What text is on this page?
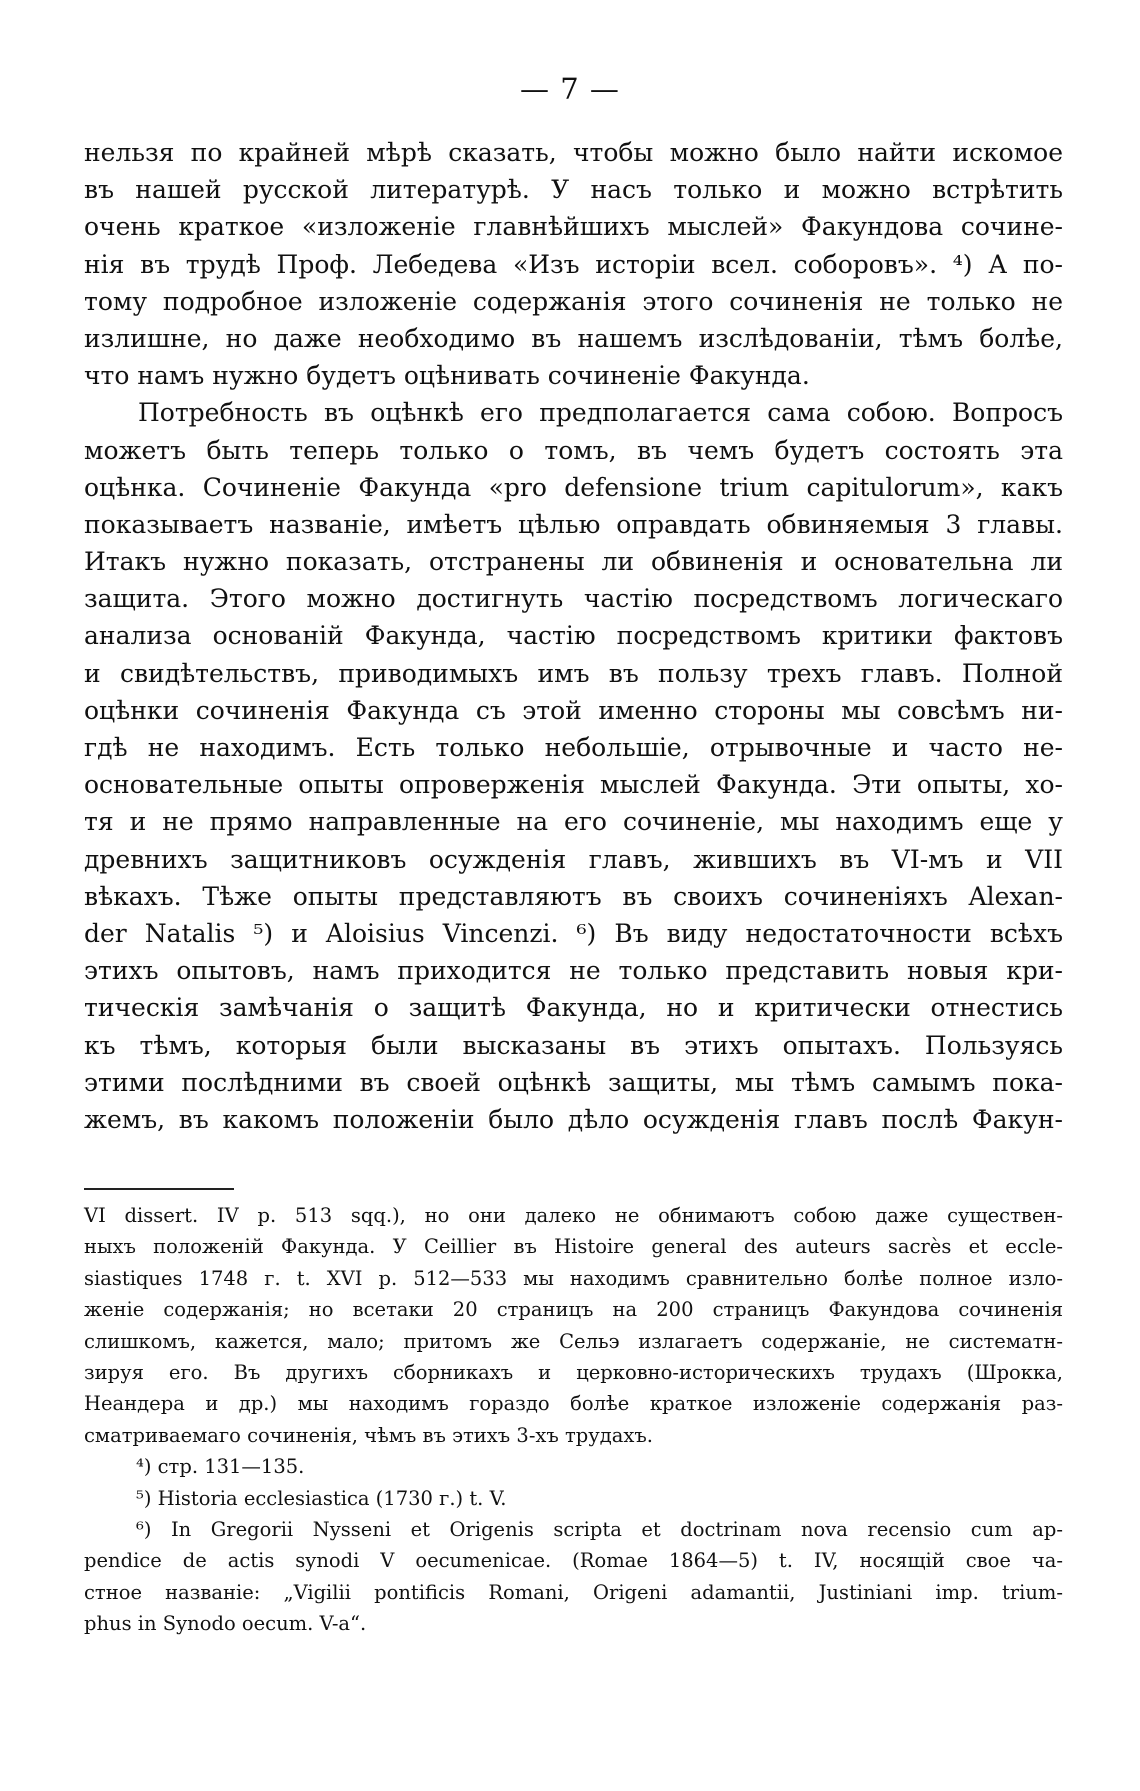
— 7 —
нельзя по крайней мѣрѣ сказать, чтобы можно было найти искомое
въ нашей русской литературѣ. У насъ только и можно встрѣтить
очень краткое «изложеніе главнѣйшихъ мыслей» Факундова сочине-
нія въ трудѣ Проф. Лебедева «Изъ исторіи всел. соборовъ». ⁴) А по-
тому подробное изложеніе содержанія этого сочиненія не только не
излишне, но даже необходимо въ нашемъ изслѣдованіи, тѣмъ болѣе,
что намъ нужно будетъ оцѣнивать сочиненіе Факунда.
Потребность въ оцѣнкѣ его предполагается сама собою. Вопросъ
можетъ быть теперь только о томъ, въ чемъ будетъ состоять эта
оцѣнка. Сочиненіе Факунда «pro defensione trium capitulorum», какъ
показываетъ названіе, имѣетъ цѣлью оправдать обвиняемыя 3 главы.
Итакъ нужно показать, отстранены ли обвиненія и основательна ли
защита. Этого можно достигнуть частію посредствомъ логическаго
анализа основаній Факунда, частію посредствомъ критики фактовъ
и свидѣтельствъ, приводимыхъ имъ въ пользу трехъ главъ. Полной
оцѣнки сочиненія Факунда съ этой именно стороны мы совсѣмъ ни-
гдѣ не находимъ. Есть только небольшіе, отрывочные и часто не-
основательные опыты опроверженія мыслей Факунда. Эти опыты, хо-
тя и не прямо направленные на его сочиненіе, мы находимъ еще у
древнихъ защитниковъ осужденія главъ, жившихъ въ VI-мъ и VII
вѣкахъ. Тѣже опыты представляютъ въ своихъ сочиненіяхъ Alexan-
der Natalis ⁵) и Aloisius Vincenzi. ⁶) Въ виду недостаточности всѣхъ
этихъ опытовъ, намъ приходится не только представить новыя кри-
тическія замѣчанія о защитѣ Факунда, но и критически отнестись
къ тѣмъ, которыя были высказаны въ этихъ опытахъ. Пользуясь
этими послѣдними въ своей оцѣнкѣ защиты, мы тѣмъ самымъ пока-
жемъ, въ какомъ положеніи было дѣло осужденія главъ послѣ Факун-
VI dissert. IV p. 513 sqq.), но они далеко не обнимаютъ собою даже существен-
ныхъ положеній Факунда. У Ceillier въ Histoire general des auteurs sacrès et eccle-
siastiques 1748 г. t. XVI p. 512—533 мы находимъ сравнительно болѣе полное изло-
женіе содержанія; но всетаки 20 страницъ на 200 страницъ Факундова сочиненія
слишкомъ, кажется, мало; притомъ же Сельэ излагаетъ содержаніе, не систематн-
зируя его. Въ другихъ сборникахъ и церковно-историческихъ трудахъ (Шрокка,
Неандера и др.) мы находимъ гораздо болѣе краткое изложеніе содержанія раз-
сматриваемаго сочиненія, чѣмъ въ этихъ 3-хъ трудахъ.
⁴) стр. 131—135.
⁵) Historia ecclesiastica (1730 г.) t. V.
⁶) In Gregorii Nysseni et Origenis scripta et doctrinam nova recensio cum ap-
pendice de actis synodi V oecumenicae. (Romae 1864—5) t. IV, носящій свое ча-
стное названіе: „Vigilii pontificis Romani, Origeni adamantii, Justiniani imp. trium-
phus in Synodo oecum. V-a“.
